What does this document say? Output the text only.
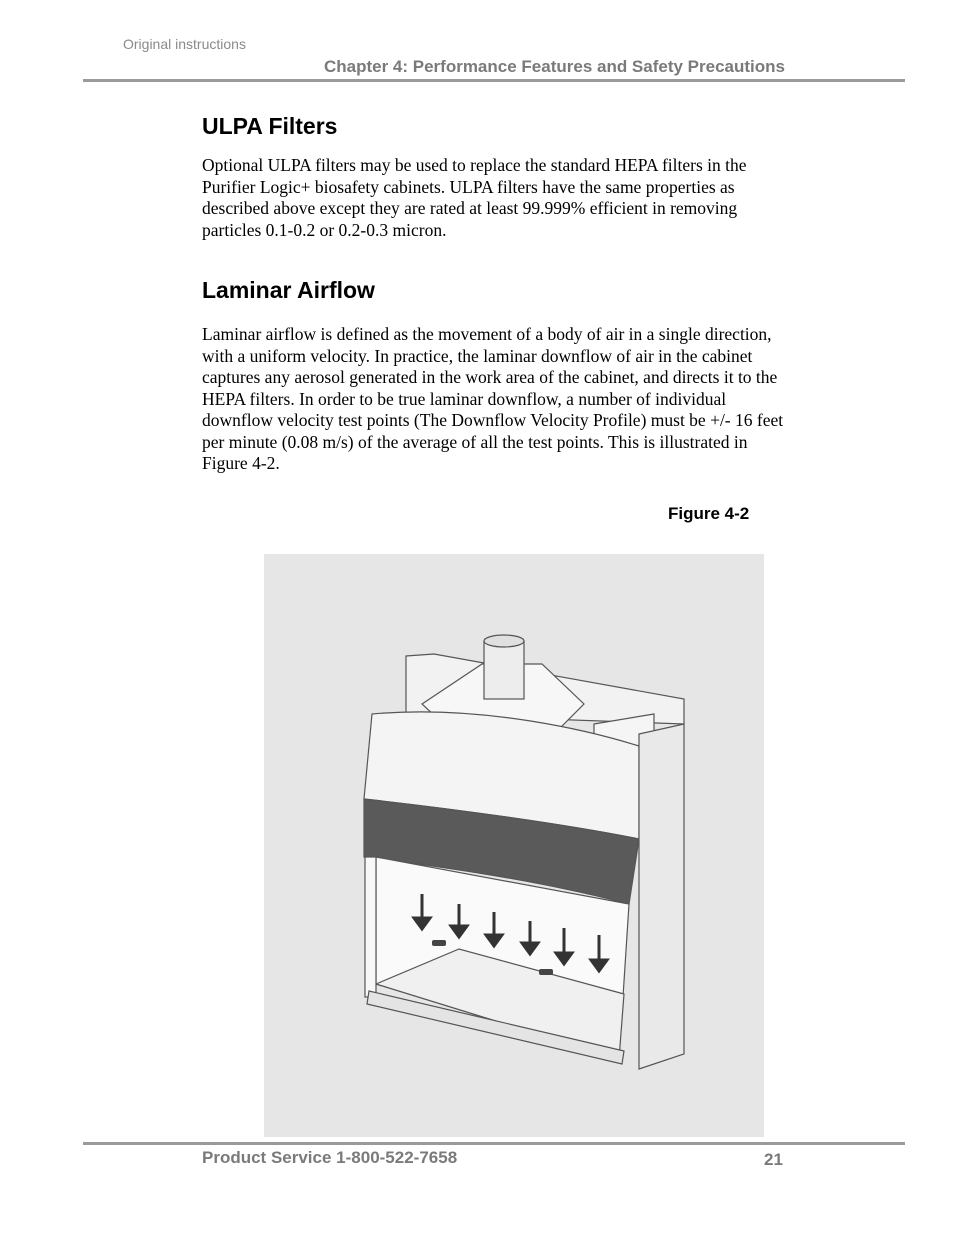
Original instructions
Chapter 4: Performance Features and Safety Precautions
ULPA Filters

Optional ULPA filters may be used to replace the standard HEPA filters in the Purifier Logic+ biosafety cabinets. ULPA filters have the same properties as described above except they are rated at least 99.999% efficient in removing particles 0.1-0.2 or 0.2-0.3 micron.

Laminar Airflow

Laminar airflow is defined as the movement of a body of air in a single direction, with a uniform velocity. In practice, the laminar downflow of air in the cabinet captures any aerosol generated in the work area of the cabinet, and directs it to the HEPA filters. In order to be true laminar downflow, a number of individual downflow velocity test points (The Downflow Velocity Profile) must be +/- 16 feet per minute (0.08 m/s) of the average of all the test points. This is illustrated in Figure 4-2.

Figure 4-2
Product Service 1-800-522-7658	21
